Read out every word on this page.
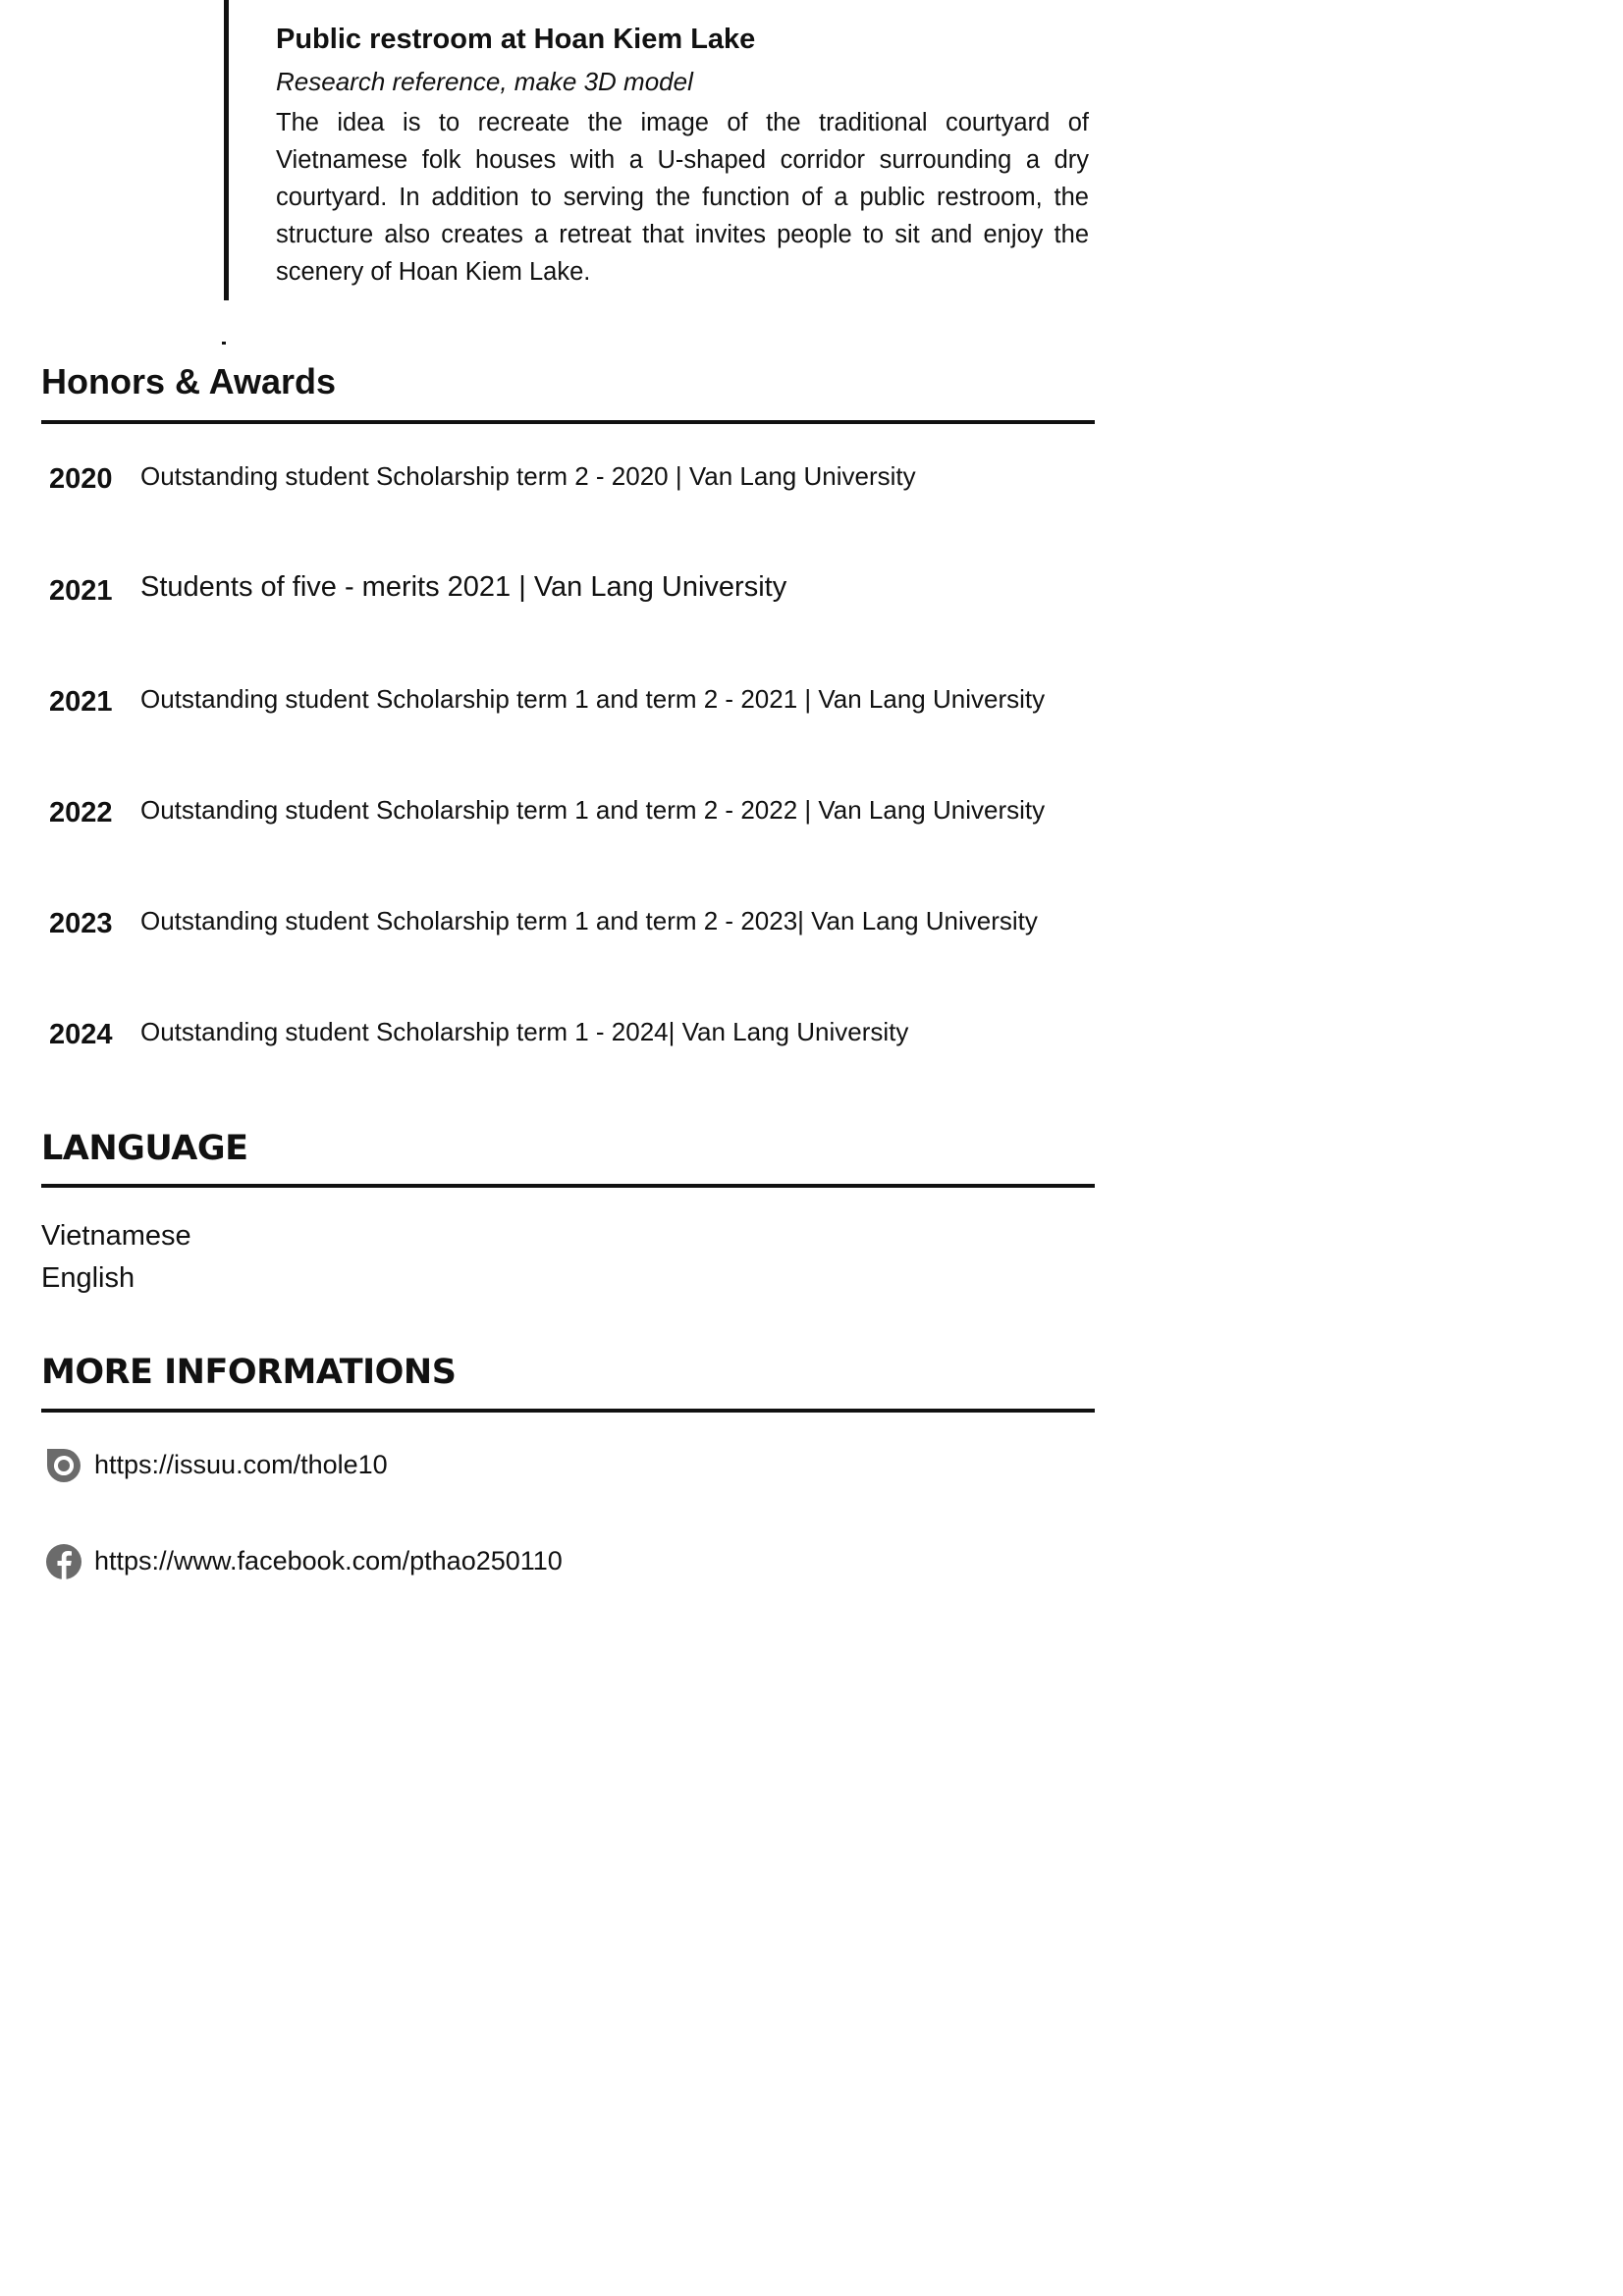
Public restroom at Hoan Kiem Lake
Research reference, make 3D model

The idea is to recreate the image of the traditional courtyard of Vietnamese folk houses with a U-shaped corridor surrounding a dry courtyard. In addition to serving the function of a public restroom, the structure also creates a retreat that invites people to sit and enjoy the scenery of Hoan Kiem Lake.

Honors & Awards
2020 Outstanding student Scholarship term 2 - 2020 | Van Lang University
2021 Students of five - merits 2021 | Van Lang University
2021 Outstanding student Scholarship term 1 and term 2 - 2021 | Van Lang University
2022 Outstanding student Scholarship term 1 and term 2 - 2022 | Van Lang University
2023 Outstanding student Scholarship term 1 and term 2 - 2023| Van Lang University
2024 Outstanding student Scholarship term 1 - 2024| Van Lang University
LANGUAGE
Vietnamese
English
MORE INFORMATIONS
https://issuu.com/thole10
https://www.facebook.com/pthao250110
